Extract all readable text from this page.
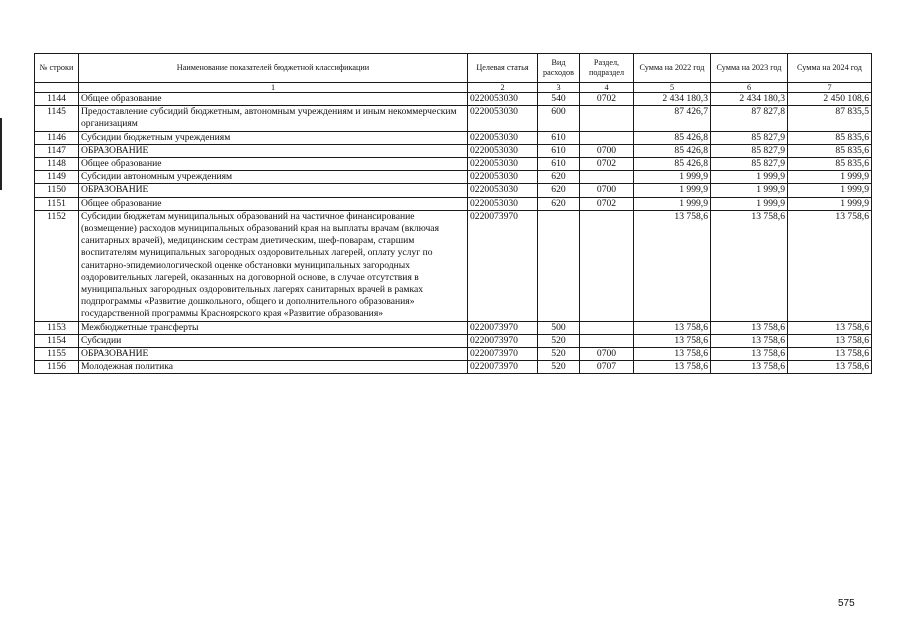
№ строки	Наименование показателей бюджетной классификации	Целевая статья	Вид расходов	Раздел, подраздел	Сумма на 2022 год	Сумма на 2023 год	Сумма на 2024 год
	1	2	3	4	5	6	7
1144	Общее образование	0220053030	540	0702	2 434 180,3	2 434 180,3	2 450 108,6
1145	Предоставление субсидий бюджетным, автономным учреждениям и иным некоммерческим организациям	0220053030	600		87 426,7	87 827,8	87 835,5
1146	Субсидии бюджетным учреждениям	0220053030	610		85 426,8	85 827,9	85 835,6
1147	ОБРАЗОВАНИЕ	0220053030	610	0700	85 426,8	85 827,9	85 835,6
1148	Общее образование	0220053030	610	0702	85 426,8	85 827,9	85 835,6
1149	Субсидии автономным учреждениям	0220053030	620		1 999,9	1 999,9	1 999,9
1150	ОБРАЗОВАНИЕ	0220053030	620	0700	1 999,9	1 999,9	1 999,9
1151	Общее образование	0220053030	620	0702	1 999,9	1 999,9	1 999,9
1152	Субсидии бюджетам муниципальных образований на частичное финансирование (возмещение) расходов муниципальных образований края на выплаты врачам (включая санитарных врачей), медицинским сестрам диетическим, шеф-поварам, старшим воспитателям муниципальных загородных оздоровительных лагерей, оплату услуг по санитарно-эпидемиологической оценке обстановки муниципальных загородных оздоровительных лагерей, оказанных на договорной основе, в случае отсутствия в муниципальных загородных оздоровительных лагерях санитарных врачей в рамках подпрограммы «Развитие дошкольного, общего и дополнительного образования» государственной программы Красноярского края «Развитие образования»	0220073970			13 758,6	13 758,6	13 758,6
1153	Межбюджетные трансферты	0220073970	500		13 758,6	13 758,6	13 758,6
1154	Субсидии	0220073970	520		13 758,6	13 758,6	13 758,6
1155	ОБРАЗОВАНИЕ	0220073970	520	0700	13 758,6	13 758,6	13 758,6
1156	Молодежная политика	0220073970	520	0707	13 758,6	13 758,6	13 758,6
575
